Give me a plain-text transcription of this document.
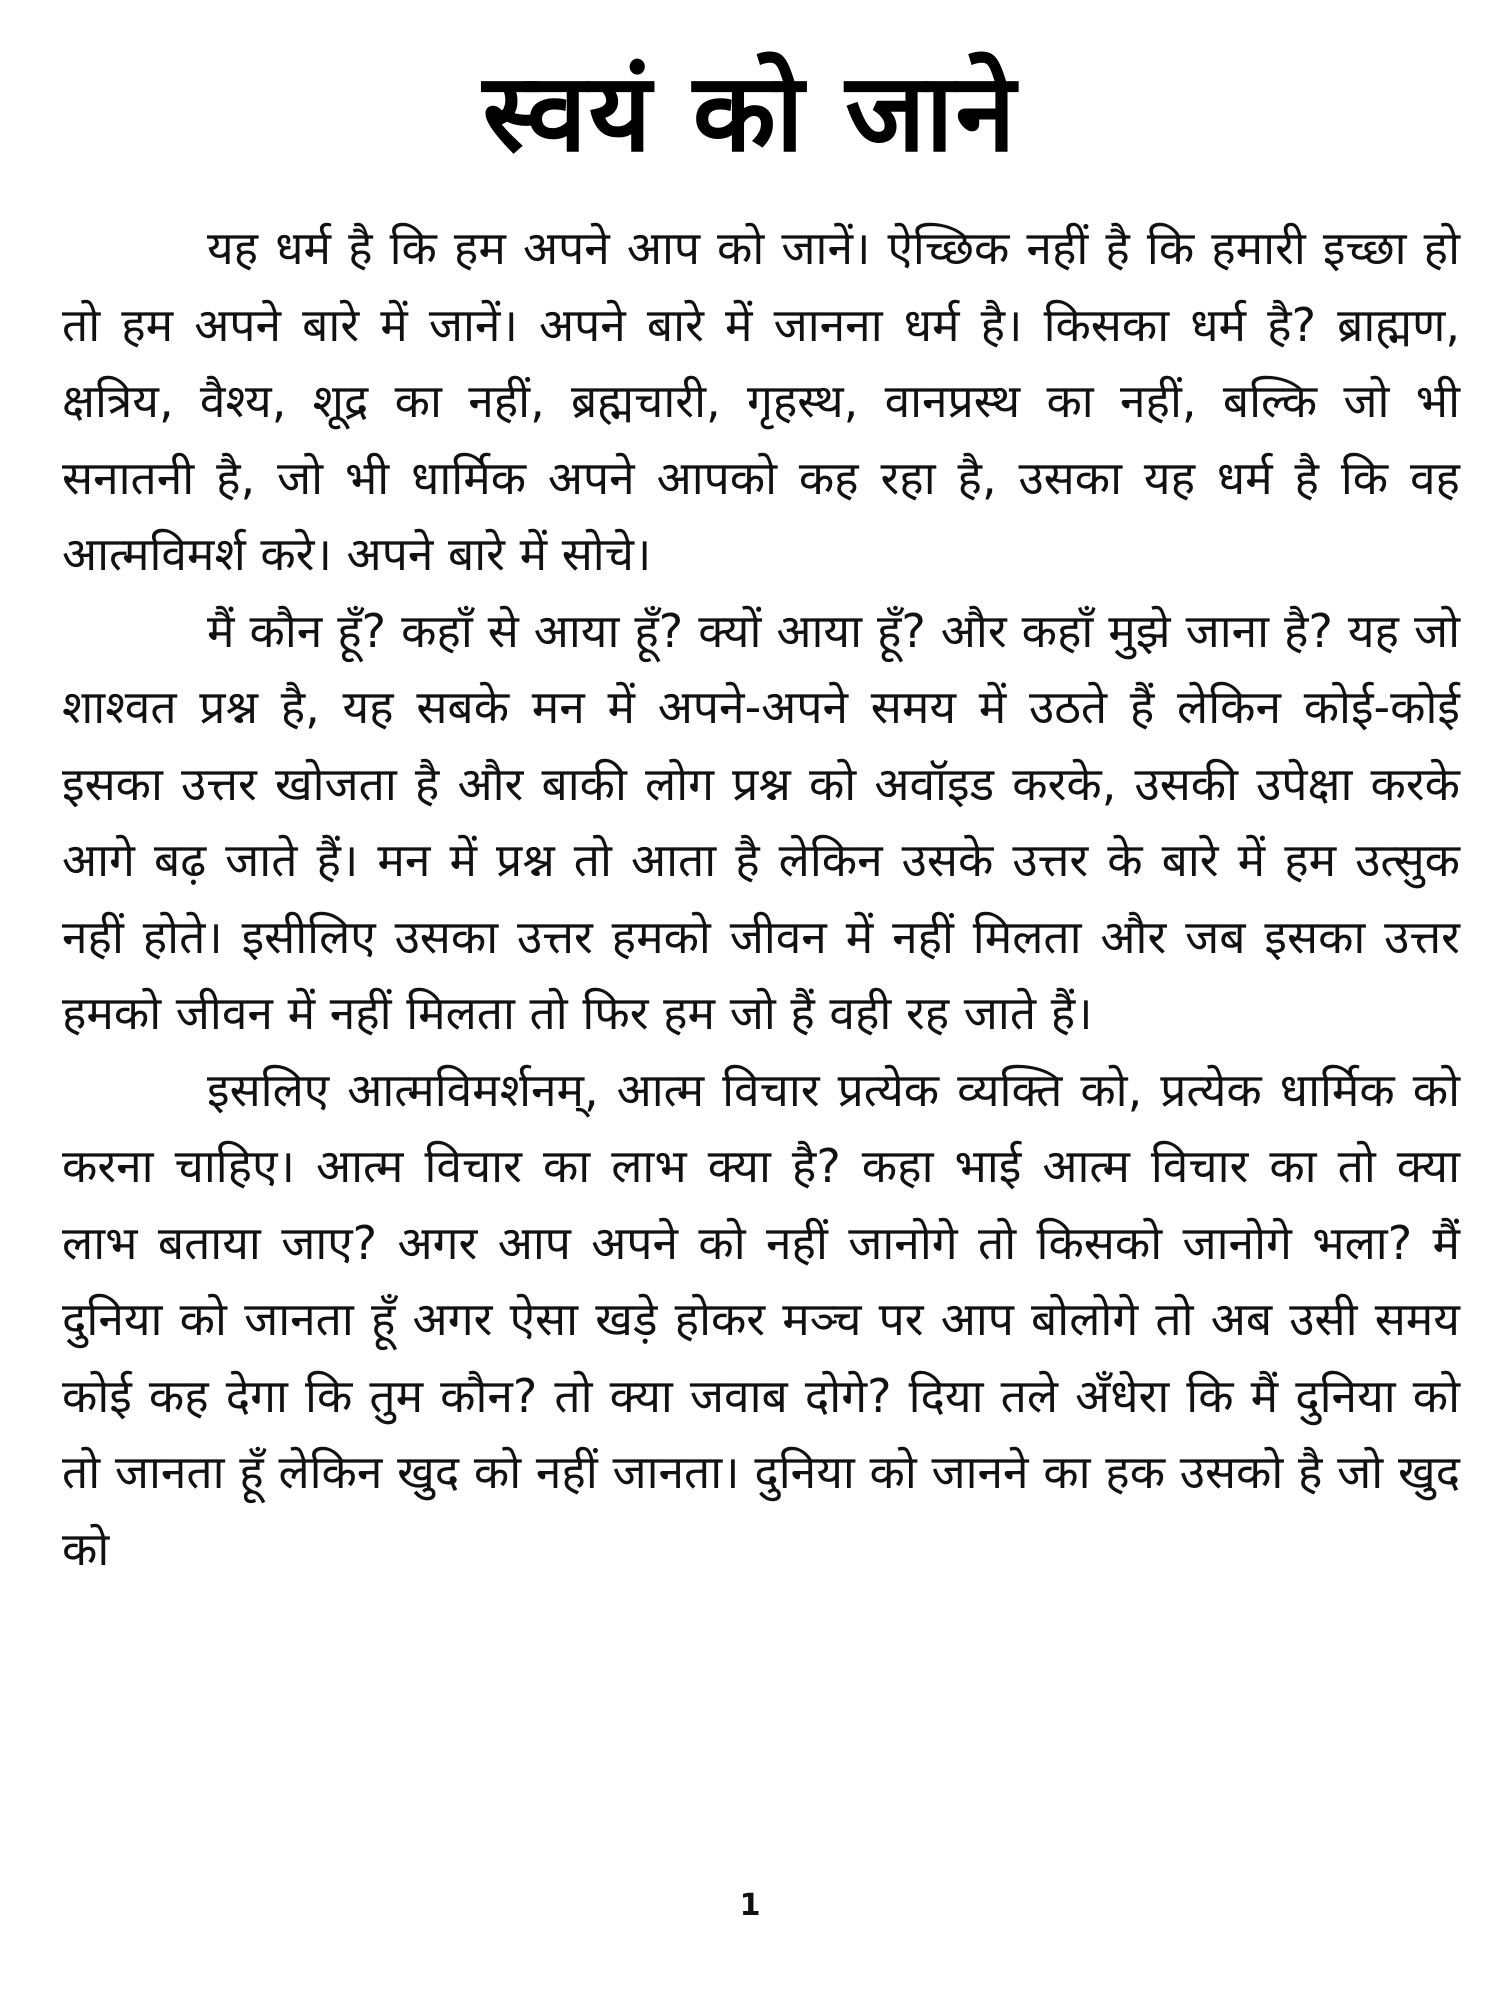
स्वयं को जाने

यह धर्म है कि हम अपने आप को जानें। ऐच्छिक नहीं है कि हमारी इच्छा हो तो हम अपने बारे में जानें। अपने बारे में जानना धर्म है। किसका धर्म है? ब्राह्मण, क्षत्रिय, वैश्य, शूद्र का नहीं, ब्रह्मचारी, गृहस्थ, वानप्रस्थ का नहीं, बल्कि जो भी सनातनी है, जो भी धार्मिक अपने आपको कह रहा है, उसका यह धर्म है कि वह आत्मविमर्श करे। अपने बारे में सोचे।

मैं कौन हूँ? कहाँ से आया हूँ? क्यों आया हूँ? और कहाँ मुझे जाना है? यह जो शाश्वत प्रश्न है, यह सबके मन में अपने-अपने समय में उठते हैं लेकिन कोई-कोई इसका उत्तर खोजता है और बाकी लोग प्रश्न को अवॉइड करके, उसकी उपेक्षा करके आगे बढ़ जाते हैं। मन में प्रश्न तो आता है लेकिन उसके उत्तर के बारे में हम उत्सुक नहीं होते। इसीलिए उसका उत्तर हमको जीवन में नहीं मिलता और जब इसका उत्तर हमको जीवन में नहीं मिलता तो फिर हम जो हैं वही रह जाते हैं।

इसलिए आत्मविमर्शनम्, आत्म विचार प्रत्येक व्यक्ति को, प्रत्येक धार्मिक को करना चाहिए। आत्म विचार का लाभ क्या है? कहा भाई आत्म विचार का तो क्या लाभ बताया जाए? अगर आप अपने को नहीं जानोगे तो किसको जानोगे भला? मैं दुनिया को जानता हूँ अगर ऐसा खड़े होकर मञ्च पर आप बोलोगे तो अब उसी समय कोई कह देगा कि तुम कौन? तो क्या जवाब दोगे? दिया तले अँधेरा कि मैं दुनिया को तो जानता हूँ लेकिन खुद को नहीं जानता। दुनिया को जानने का हक उसको है जो खुद को

1
